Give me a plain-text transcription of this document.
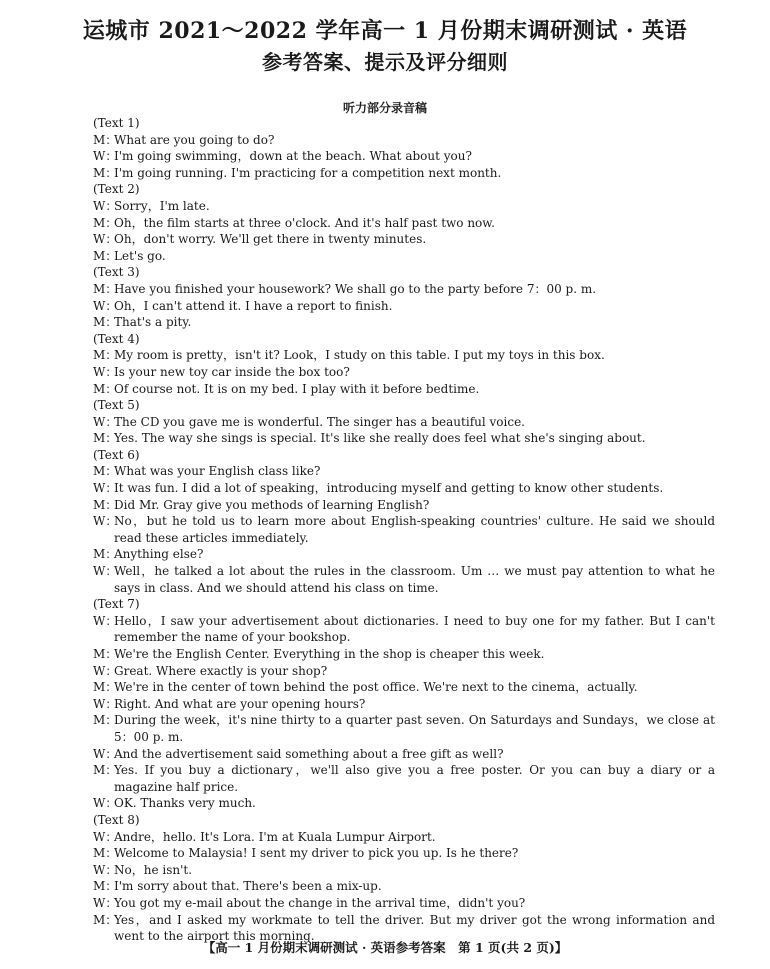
运城市 2021～2022 学年高一 1 月份期末调研测试 · 英语
参考答案、提示及评分细则
听力部分录音稿
(Text 1)
M：
What are you going to do?
W：
I'm going swimming，down at the beach. What about you?
M：
I'm going running. I'm practicing for a competition next month.
(Text 2)
W：
Sorry，I'm late.
M：
Oh，the film starts at three o'clock. And it's half past two now.
W：
Oh，don't worry. We'll get there in twenty minutes.
M：
Let's go.
(Text 3)
M：
Have you finished your housework? We shall go to the party before 7：00 p. m.
W：
Oh，I can't attend it. I have a report to finish.
M：
That's a pity.
(Text 4)
M：
My room is pretty，isn't it? Look，I study on this table. I put my toys in this box.
W：
Is your new toy car inside the box too?
M：
Of course not. It is on my bed. I play with it before bedtime.
(Text 5)
W：
The CD you gave me is wonderful. The singer has a beautiful voice.
M：
Yes. The way she sings is special. It's like she really does feel what she's singing about.
(Text 6)
M：
What was your English class like?
W：
It was fun. I did a lot of speaking，introducing myself and getting to know other students.
M：
Did Mr. Gray give you methods of learning English?
W：
No，but he told us to learn more about English-speaking countries' culture. He said we should read these articles immediately.
M：
Anything else?
W：
Well，he talked a lot about the rules in the classroom. Um … we must pay attention to what he says in class. And we should attend his class on time.
(Text 7)
W：
Hello，I saw your advertisement about dictionaries. I need to buy one for my father. But I can't remember the name of your bookshop.
M：
We're the English Center. Everything in the shop is cheaper this week.
W：
Great. Where exactly is your shop?
M：
We're in the center of town behind the post office. We're next to the cinema，actually.
W：
Right. And what are your opening hours?
M：
During the week，it's nine thirty to a quarter past seven. On Saturdays and Sundays，we close at 5：00 p. m.
W：
And the advertisement said something about a free gift as well?
M：
Yes. If you buy a dictionary，we'll also give you a free poster. Or you can buy a diary or a magazine half price.
W：
OK. Thanks very much.
(Text 8)
W：
Andre，hello. It's Lora. I'm at Kuala Lumpur Airport.
M：
Welcome to Malaysia! I sent my driver to pick you up. Is he there?
W：
No，he isn't.
M：
I'm sorry about that. There's been a mix-up.
W：
You got my e-mail about the change in the arrival time，didn't you?
M：
Yes，and I asked my workmate to tell the driver. But my driver got the wrong information and went to the airport this morning.
【高一 1 月份期末调研测试 · 英语参考答案　第 1 页(共 2 页)】
